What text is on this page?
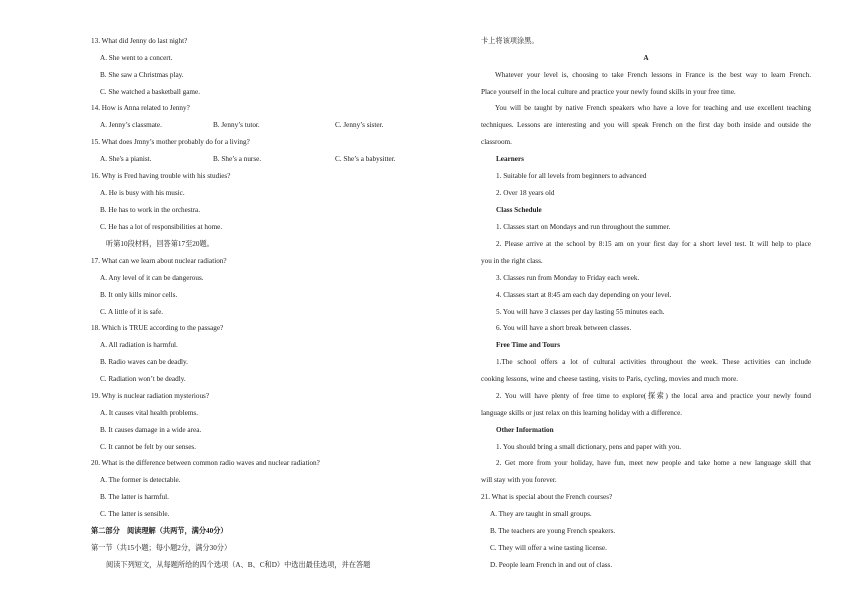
13. What did Jenny do last night?
A. She went to a concert.
B. She saw a Christmas play.
C. She watched a basketball game.
14. How is Anna related to Jenny?
A. Jenny’s classmate.	B. Jenny’s tutor.	C. Jenny’s sister.
15. What does Jmny’s mother probably do for a living?
A. She's a pianist.	B. She’s a nurse.	C. She’s a babysitter.
16. Why is Fred having trouble with his studies?
A. He is busy with his music.
B. He has to work in the orchestra.
C. He has a lot of responsibilities at home.
听第10段材料，回答第17至20题。
17. What can we learn about nuclear radiation?
A. Any level of it can be dangerous.
B. It only kills minor cells.
C. A little of it is safe.
18. Which is TRUE according to the passage?
A. All radiation is harmful.
B. Radio waves can be deadly.
C. Radiation won’t be deadly.
19. Why is nuclear radiation mysterious?
A. It causes vital health problems.
B. It causes damage in a wide area.
C. It cannot be felt by our senses.
20. What is the difference between common radio waves and nuclear radiation?
A. The former is detectable.
B. The latter is harmful.
C. The latter is sensible.
第二部分　阅读理解（共两节，满分40分）
第一节（共15小题；每小题2分，满分30分）
阅读下列短文，从每题所给的四个选项（A、B、C和D）中选出最佳选项，并在答题
卡上将该项涂黑。
A
Whatever your level is, choosing to take French lessons in France is the best way to learn French.
Place yourself in the local culture and practice your newly found skills in your free time.
You will be taught by native French speakers who have a love for teaching and use excellent teaching
techniques. Lessons are interesting and you will speak French on the first day both inside and outside the
classroom.
Learners
1. Suitable for all levels from beginners to advanced
2. Over 18 years old
Class Schedule
1. Classes start on Mondays and run throughout the summer.
2. Please arrive at the school by 8:15 am on your first day for a short level test. It will help to place
you in the right class.
3. Classes run from Monday to Friday each week.
4. Classes start at 8:45 am each day depending on your level.
5. You will have 3 classes per day lasting 55 minutes each.
6. You will have a short break between classes.
Free Time and Tours
1.The school offers a lot of cultural activities throughout the week. These activities can include
cooking lessons, wine and cheese tasting, visits to Paris, cycling, movies and much more.
2. You will have plenty of free time to explore(探索) the local area and practice your newly found
language skills or just relax on this learning holiday with a difference.
Other Information
1. You should bring a small dictionary, pens and paper with you.
2. Get more from your holiday, have fun, meet new people and take home a new language skill that
will stay with you forever.
21. What is special about the French courses?
A. They are taught in small groups.
B. The teachers are young French speakers.
C. They will offer a wine tasting license.
D. People learn French in and out of class.
